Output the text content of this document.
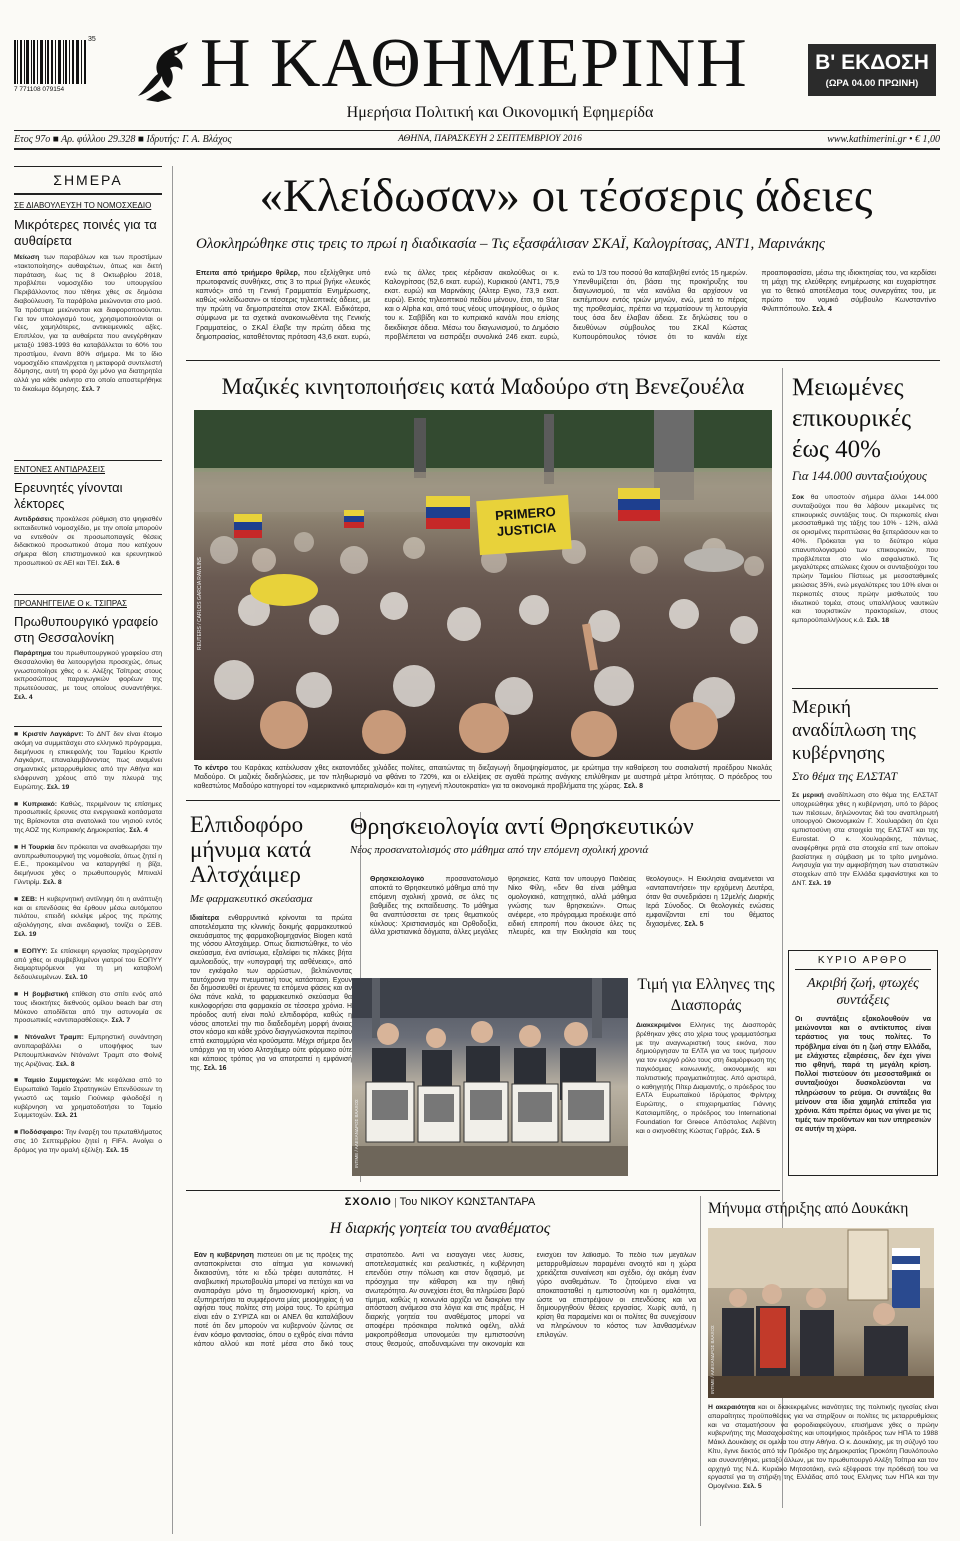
35
7 771108 079154 Η ΚΑΘΗΜΕΡΙΝΗ
Ημερήσια Πολιτική και Οικονομική Εφημερίδα
Β' ΕΚΔΟΣΗ
(ΩΡΑ 04.00 ΠΡΩΙΝΗ)
Ετος 97ο ■ Αρ. φύλλου 29.328 ■ Ιδρυτής: Γ. Α. Βλάχος	ΑΘΗΝΑ, ΠΑΡΑΣΚΕΥΗ 2 ΣΕΠΤΕΜΒΡΙΟΥ 2016	www.kathimerini.gr • € 1,00
ΣΗΜΕΡΑ
ΣΕ ΔΙΑΒΟΥΛΕΥΣΗ ΤΟ ΝΟΜΟΣΧΕΔΙΟ
Μικρότερες ποινές για τα αυθαίρετα
Μείωση των παραβόλων και των προστίμων «τακτοποίησης» αυθαιρέτων, όπως και διετή παράταση, έως τις 8 Οκτωβρίου 2018, προβλέπει νομοσχέδιο του υπουργείου Περιβάλλοντος που τέθηκε χθες σε δημόσια διαβούλευση. Τα παράβολα μειώνονται στο μισό. Τα πρόστιμα μειώνονται και διαφοροποιούνται. Για τον υπολογισμό τους, χρησιμοποιούνται οι νέες, χαμηλότερες, αντικειμενικές αξίες. Επιπλέον, για τα αυθαίρετα που ανεγέρθηκαν μεταξύ 1983-1993 θα καταβάλλεται το 60% του προστίμου, έναντι 80% σήμερα. Με το ίδιο νομοσχέδιο επανέρχεται η μεταφορά συντελεστή δόμησης, αυτή τη φορά όχι μόνο για διατηρητέα αλλά για κάθε ακίνητο στο οποίο αποστερήθηκε το δικαίωμα δόμησης. Σελ. 7
ΕΝΤΟΝΕΣ ΑΝΤΙΔΡΑΣΕΙΣ
Ερευνητές γίνονται λέκτορες
Αντιδράσεις προκάλεσε ρύθμιση στο ψηφισθέν εκπαιδευτικό νομοσχέδιο, με την οποία μπορούν να εντεθούν σε προσωποπαγείς θέσεις διδακτικού προσωπικού άτομα που κατέχουν σήμερα θέση επιστημονικού και ερευνητικού προσωπικού σε ΑΕΙ και ΤΕΙ. Σελ. 6
ΠΡΟΑΝΗΓΓΕΙΛΕ Ο κ. ΤΣΙΠΡΑΣ
Πρωθυπουργικό γραφείο στη Θεσσαλονίκη
Παράρτημα του πρωθυπουργικού γραφείου στη Θεσσαλονίκη θα λειτουργήσει προσεχώς, όπως γνωστοποίησε χθες ο κ. Αλέξης Τσίπρας στους εκπροσώπους παραγωγικών φορέων της πρωτεύουσας, με τους οποίους συναντήθηκε. Σελ. 4
■ Κριστίν Λαγκάρντ: Το ΔΝΤ δεν είναι έτοιμο ακόμη να συμμετάσχει στο ελληνικό πρόγραμμα, διεμήνυσε η επικεφαλής του Ταμείου Κριστίν Λαγκάρντ, επαναλαμβάνοντας πως αναμένει σημαντικές μεταρρυθμίσεις από την Αθήνα και ελάφρυνση χρέους από την πλευρά της Ευρώπης. Σελ. 19
■ Κυπριακό: Καθώς, περιμένουν τις επίσημες προσωπικές έρευνες στα ενεργειακά κοιτάσματα της Βρίσκονται στα ανατολικά του νησιού εντός της ΑΟΖ της Κυπριακής Δημοκρατίας. Σελ. 4
■ Η Τουρκία δεν πρόκειται να αναθεωρήσει την αντιπρωθυπουργική της νομοθεσία, όπως ζητεί η Ε.Ε., προκειμένου να καταργηθεί η βίζα, διεμήνυσε χθες ο πρωθυπουργός Μπιναλί Γιλντιρίμ. Σελ. 8
■ ΣΕΒ: Η κυβερνητική αντίληψη ότι η ανάπτυξη και οι επενδύσεις θα έρθουν μέσω αυτόματου πιλότου, επειδή εκλείψε μέρος της πρώτης αξιολόγησης, είναι ανεδαφική, τονίζει ο ΣΕΒ. Σελ. 19
■ ΕΟΠΥΥ: Σε επίσκεψη εργασίας προχώρησαν από χθες οι συμβεβλημένοι γιατροί του ΕΟΠΥΥ διαμαρτυρόμενοι για τη μη καταβολή δεδουλευμένων. Σελ. 10
■ Η βομβιστική επίθεση στο σπίτι ενός από τους ιδιοκτήτες διεθνούς ομίλου beach bar στη Μύκονο αποδίδεται από την αστυνομία σε προσωπικές «αντιπαραθέσεις». Σελ. 7
■ Ντόναλντ Τραμπ: Εμπρηστική συνάντηση αντιπαραβάλλει ο υποψήφιος των Ρεπουμπλικανών Ντόναλντ Τραμπ στο Φοίνιξ της Αριζόνας. Σελ. 8
■ Ταμείο Συμμετοχών: Με κεφάλαια από το Ευρωπαϊκό Ταμείο Στρατηγικών Επενδύσεων τη γνωστό ως ταμείο Γιούνκερ φιλοδοξεί η κυβέρνηση να χρηματοδοτήσει το Ταμείο Συμμετοχών. Σελ. 21
■ Ποδόσφαιρο: Την έναρξη του πρωταθλήματος στις 10 Σεπτεμβρίου ζητεί η FIFA. Ανοίγει ο δρόμος για την ομαλή εξέλιξη. Σελ. 15
«Κλείδωσαν» οι τέσσερις άδειες
Ολοκληρώθηκε στις τρεις το πρωί η διαδικασία – Τις εξασφάλισαν ΣΚΑΪ, Καλογρίτσας, ΑΝΤ1, Μαρινάκης
Επειτα από τριήμερο θρίλερ, που εξελίχθηκε υπό πρωτοφανείς συνθήκες, στις 3 το πρωί βγήκε «λευκός καπνός» από τη Γενική Γραμματεία Ενημέρωσης, καθώς «κλείδωσαν» οι τέσσερις τηλεοπτικές άδειες, με την πρώτη να δημοπρατείται στον ΣΚΑΪ. Ειδικότερα, σύμφωνα με τα σχετικά ανακοινωθέντα της Γενικής Γραμματείας, ο ΣΚΑΪ έλαβε την πρώτη άδεια της δημοπρασίας, καταθέτοντας πρόταση 43,6 εκατ. ευρώ, ενώ τις άλλες τρεις κέρδισαν ακολούθως οι κ. Καλογρίτσας (52,6 εκατ. ευρώ), Κυριακού (ΑΝΤ1, 75,9 εκατ. ευρώ) και Μαρινάκης (Αλτερ Εγκο, 73,9 εκατ. ευρώ). Εκτός τηλεοπτικού πεδίου μένουν, έτσι, το Star και ο Alpha και, από τους νέους υποψηφίους, ο όμιλος του κ. Σαββίδη και το κυπριακό κανάλι που επίσης διεκδίκησε άδεια. Μέσω του διαγωνισμού, το Δημόσιο προβλέπεται να εισπράξει συνολικά 246 εκατ. ευρώ, ενώ το 1/3 του ποσού θα καταβληθεί εντός 15 ημερών. Υπενθυμίζεται ότι, βάσει της προκήρυξης του διαγωνισμού, τα νέα κανάλια θα αρχίσουν να εκπέμπουν εντός τριών μηνών, ενώ, μετά το πέρας της προθεσμίας, πρέπει να τερματίσουν τη λειτουργία τους όσα δεν έλαβαν άδεια. Σε δηλώσεις του ο διευθύνων σύμβουλος του ΣΚΑΪ Κώστας Κυπουρόπουλος τόνισε ότι το κανάλι είχε προαποφασίσει, μέσω της ιδιοκτησίας του, να κερδίσει τη μάχη της ελεύθερης ενημέρωσης και ευχαρίστησε για το θετικό αποτέλεσμα τους συνεργάτες του, με πρώτο τον νομικό σύμβουλο Κωνσταντίνο Φιλιππόπουλο. Σελ. 4
Μαζικές κινητοποιήσεις κατά Μαδούρο στη Βενεζουέλα
PRIMERO JUSTICIA
REUTERS / CARLOS GARCIA RAWLINS
Το κέντρο του Καράκας κατέκλυσαν χθες εκατοντάδες χιλιάδες πολίτες, απαιτώντας τη διεξαγωγή δημοψηφίσματος, με ερώτημα την καθαίρεση του σοσιαλιστή προέδρου Νικολάς Μαδούρο. Οι μαζικές διαδηλώσεις, με τον πληθωρισμό να φθάνει το 720%, και οι ελλείψεις σε αγαθά πρώτης ανάγκης επιλύθηκαν με αυστηρά μέτρα λιτότητας. Ο πρόεδρος του καθεστώτος Μαδούρο κατηγορεί τον «αμερικανικό ιμπεριαλισμό» και τη «γηγενή πλουτοκρατία» για τα οικονομικά προβλήματα της χώρας. Σελ. 8
Μειωμένες επικουρικές έως 40%
Για 144.000 συνταξιούχους
Σοκ θα υποστούν σήμερα άλλοι 144.000 συνταξιούχοι που θα λάβουν μειωμένες τις επικουρικές συντάξεις τους. Οι περικοπές είναι μεσοσταθμικά της τάξης του 10% - 12%, αλλά σε ορισμένες περιπτώσεις θα ξεπεράσουν και το 40%. Πρόκειται για το δεύτερο κύμα επανυπολογισμού των επικουρικών, που προβλέπεται στο νέο ασφαλιστικό. Τις μεγαλύτερες απώλειες έχουν οι συνταξιούχοι του πρώην Ταμείου Πίστεως με μεσοσταθμικές μειώσεις 35%, ενώ μεγαλύτερες του 10% είναι οι περικοπές στους πρώην μισθωτούς του ιδιωτικού τομέα, στους υπαλλήλους ναυτικών και τουριστικών πρακτορείων, στους εμποροϋπαλλήλους κ.ά. Σελ. 18
Μερική αναδίπλωση της κυβέρνησης
Στο θέμα της ΕΛΣΤΑΤ
Σε μερική αναδίπλωση στο θέμα της ΕΛΣΤΑΤ υποχρεώθηκε χθες η κυβέρνηση, υπό το βάρος των πιέσεων, δηλώνοντας διά του αναπληρωτή υπουργού Οικονομικών Γ. Χουλιαράκη ότι έχει εμπιστοσύνη στα στοιχεία της ΕΛΣΤΑΤ και της Eurostat. Ο κ. Χουλιαράκης, πάντως, αναφέρθηκε ρητά στα στοιχεία επί των οποίων βασίστηκε η σύμβαση με το τρίτο μνημόνιο. Ανησυχία για την αμφισβήτηση των στατιστικών στοιχείων από την Ελλάδα εμφανίστηκε και το ΔΝΤ. Σελ. 19
ΚΥΡΙΟ ΑΡΘΡΟ
Ακριβή ζωή, φτωχές συντάξεις
Οι συντάξεις εξακολουθούν να μειώνονται και ο αντίκτυπος είναι τεράστιος για τους πολίτες. Το πρόβλημα είναι ότι η ζωή στην Ελλάδα, με ελάχιστες εξαιρέσεις, δεν έχει γίνει πιο φθηνή, παρά τη μεγάλη κρίση. Πολλοί πιστεύουν ότι μεσοσταθμικά οι συνταξιούχοι δυσκολεύονται να πληρώσουν το ρεύμα. Οι συντάξεις θα μείνουν στα ίδια χαμηλά επίπεδα για χρόνια. Κάτι πρέπει όμως να γίνει με τις τιμές των προϊόντων και των υπηρεσιών σε αυτήν τη χώρα.
Ελπιδοφόρο μήνυμα κατά Αλτσχάιμερ
Με φαρμακευτικό σκεύασμα
Ιδιαίτερα ενθαρρυντικά κρίνονται τα πρώτα αποτελέσματα της κλινικής δοκιμής φαρμακευτικού σκευάσματος της φαρμακοβιομηχανίας Biogen κατά της νόσου Αλτσχάιμερ. Οπως διαπιστώθηκε, το νέο σκεύασμα, ένα αντίσωμα, εξαλείφει τις πλάκες βήτα αμυλοειδούς, την «υπογραφή της ασθένειας», από τον εγκέφαλο των αρρώστων, βελτιώνοντας ταυτόχρονα την πνευματική τους κατάσταση. Εχουν δει δημοσιευθεί οι έρευνες τα επόμενα φάσεις και αν όλα πάνε καλά, το φαρμακευτικό σκεύασμα θα κυκλοφορήσει στα φαρμακεία σε τέσσερα χρόνια. Η πρόοδος αυτή είναι πολύ ελπιδοφόρα, καθώς η νόσος αποτελεί την πιο διαδεδομένη μορφή άνοιας στον κόσμο και κάθε χρόνο διαγιγνώσκονται περίπου επτά εκατομμύρια νέα κρούσματα. Μέχρι σήμερα δεν υπάρχει για τη νόσο Αλτσχάιμερ ούτε φάρμακο ούτε και κάποιος τρόπος για να αποτραπεί η εμφάνισή της. Σελ. 16
Θρησκειολογία αντί Θρησκευτικών
Νέος προσανατολισμός στο μάθημα από την επόμενη σχολική χρονιά
Θρησκειολογικό προσανατολισμό αποκτά το Θρησκευτικό μάθημα από την επόμενη σχολική χρονιά, σε όλες τις βαθμίδες της εκπαίδευσης. Το μάθημα θα αναπτύσσεται σε τρεις θεματικούς κύκλους: Χριστιανισμός και Ορθοδοξία, άλλα χριστιανικά δόγματα, άλλες μεγάλες θρησκείες. Κατά τον υπουργό Παιδείας Νίκο Φίλη, «δεν θα είναι μάθημα ομολογιακό, κατηχητικό, αλλά μάθημα γνώσης των θρησκειών». Οπως ανέφερε, «το πρόγραμμα προέκυψε από ειδική επιτροπή που άκουσε όλες τις πλευρές, και την Εκκλησία και τους θεολόγους». Η Εκκλησία αναμένεται να «ανταπαντήσει» την ερχόμενη Δευτέρα, όταν θα συνεδριάσει η 12μελής Διαρκής Ιερά Σύνοδος. Οι θεολογικές ενώσεις εμφανίζονται επί του θέματος διχασμένες. Σελ. 5
ΙΝΤΙΜΕ / ΑΛΕΞΑΝΔΡΟΣ ΒΛΑΧΟΣ
Τιμή για Ελληνες της Διασποράς
Διακεκριμένοι Ελληνες της Διασποράς βρέθηκαν χθες στο χέρια τους γραμματόσημα με την αναγνωριστική τους εικόνα, που δημιούργησαν τα ΕΛΤΑ για να τους τιμήσουν για τον ενεργό ρόλο τους στη διαμόρφωση της παγκόσμιας κοινωνικής, οικονομικής και πολιτιστικής πραγματικότητας. Από αριστερά, ο καθηγητής Πίτερ Διαμαντής, ο πρόεδρος του ΕΛΤΑ Ευρωπαϊκού Ιδρύματος Φρίντριχ Ευρώπης, ο επιχειρηματίας Γιάννης Κατσιαμπίδης, ο πρόεδρος του International Foundation for Greece Απόστολος Λεβέντη και ο σκηνοθέτης Κώστας Γαβράς. Σελ. 5
ΣΧΟΛΙΟ | Του ΝΙΚΟΥ ΚΩΝΣΤΑΝΤΑΡΑ
Η διαρκής γοητεία του αναθέματος
Εάν η κυβέρνηση πιστεύει ότι με τις πρόξεις της ανταποκρίνεται στο αίτημα για κοινωνική δικαιοσύνη, τότε κι εδώ τρέφει αυταπάτες. Η αναβιωτική πρωτοβουλία μπορεί να πετύχει και να αναπαράγει μόνο τη δημοσιονομική κρίση, να εξυπηρετήσει τα συμφέροντα μίας μειοψηφίας ή να αφήσει τους πολίτες στη μοίρα τους. Το ερώτημα είναι εάν ο ΣΥΡΙΖΑ και οι ΑΝΕΛ θα καταλάβουν ποτέ ότι δεν μπορούν να κυβερνούν ζώντας σε έναν κόσμο φαντασίας, όπου ο εχθρός είναι πάντα κάπου αλλού και ποτέ μέσα στο δικό τους στρατόπεδο. Αντί να εισαγάγει νέες λύσεις, αποτελεσματικές και ρεαλιστικές, η κυβέρνηση επενδύει στην πόλωση και στον διχασμό, με πρόσχημα την κάθαρση και την ηθική ανωτερότητα. Αν συνεχίσει έτσι, θα πληρώσει βαρύ τίμημα, καθώς η κοινωνία αρχίζει να διακρίνει την απόσταση ανάμεσα στα λόγια και στις πράξεις. Η διαρκής γοητεία του αναθέματος μπορεί να αποφέρει πρόσκαιρα πολιτικά οφέλη, αλλά μακροπρόθεσμα υπονομεύει την εμπιστοσύνη στους θεσμούς, αποδυναμώνει την οικονομία και ενισχύει τον λαϊκισμό. Το πεδίο των μεγάλων μεταρρυθμίσεων παραμένει ανοιχτό και η χώρα χρειάζεται συναίνεση και σχέδιο, όχι ακόμη έναν γύρο αναθεμάτων. Το ζητούμενο είναι να αποκατασταθεί η εμπιστοσύνη και η ομαλότητα, ώστε να επιστρέψουν οι επενδύσεις και να δημιουργηθούν θέσεις εργασίας. Χωρίς αυτά, η κρίση θα παραμείνει και οι πολίτες θα συνεχίσουν να πληρώνουν το κόστος των λανθασμένων επιλογών.
Μήνυμα στήριξης από Δουκάκη
ΙΝΤΙΜΕ / ΑΛΕΞΑΝΔΡΟΣ ΒΛΑΧΟΣ
Η ακεραιότητα και οι διακεκριμένες ικανότητες της πολιτικής ηγεσίας είναι απαραίτητες προϋποθέσεις για να στηρίξουν οι πολίτες τις μεταρρυθμίσεις και να σταματήσουν να φοροδιαφεύγουν, επισήμανε χθες ο πρώην κυβερνήτης της Μασαχουσέτης και υποψήφιος πρόεδρος των ΗΠΑ το 1988 Μάικλ Δουκάκης σε ομιλία του στην Αθήνα. Ο κ. Δουκάκης, με τη σύζυγό του Κίτυ, έγινε δεκτός από τον Πρόεδρο της Δημοκρατίας Προκόπη Παυλόπουλο και συναντήθηκε, μεταξύ άλλων, με τον πρωθυπουργό Αλέξη Τσίπρα και τον αρχηγό της Ν.Δ. Κυριάκο Μητσοτάκη, ενώ εξέφρασε την πρόθεσή του να εργαστεί για τη στήριξη της Ελλάδας από τους Ελληνες των ΗΠΑ και την Ομογένεια. Σελ. 5
